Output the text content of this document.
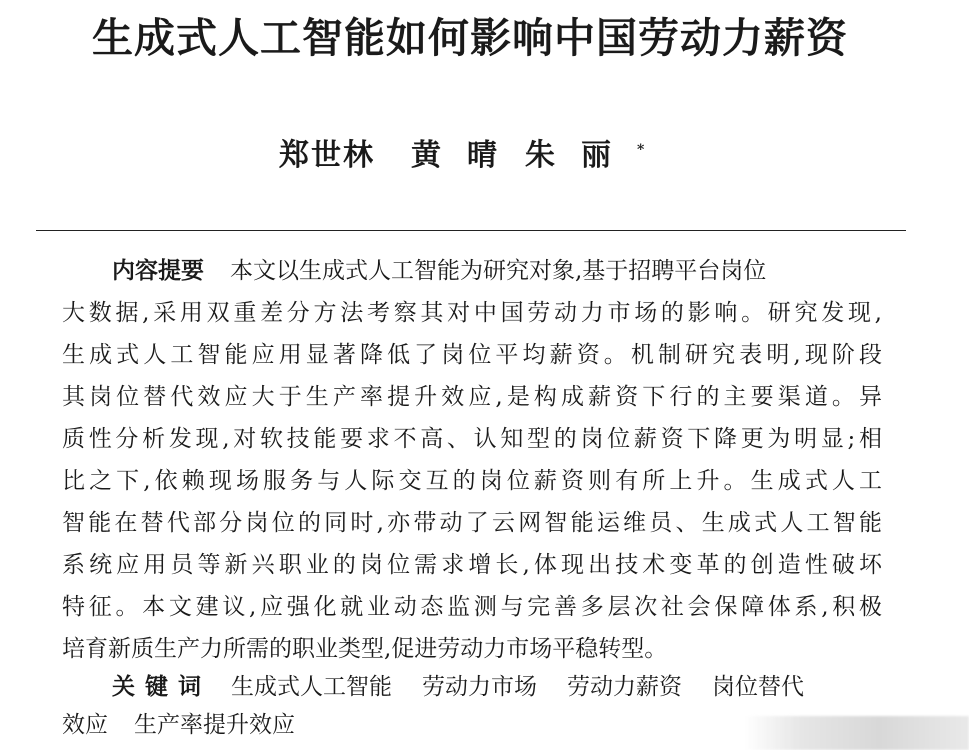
生成式人工智能如何影响中国劳动力薪资
郑世林 黄晴朱丽*
内容提要 本文以生成式人工智能为研究对象,基于招聘平台岗位
大数据,采用双重差分方法考察其对中国劳动力市场的影响。研究发现,
生成式人工智能应用显著降低了岗位平均薪资。机制研究表明,现阶段
其岗位替代效应大于生产率提升效应,是构成薪资下行的主要渠道。异
质性分析发现,对软技能要求不高、认知型的岗位薪资下降更为明显;相
比之下,依赖现场服务与人际交互的岗位薪资则有所上升。生成式人工
智能在替代部分岗位的同时,亦带动了云网智能运维员、生成式人工智能
系统应用员等新兴职业的岗位需求增长,体现出技术变革的创造性破坏
特征。本文建议,应强化就业动态监测与完善多层次社会保障体系,积极
培育新质生产力所需的职业类型,促进劳动力市场平稳转型。
关键词 生成式人工智能 劳动力市场 劳动力薪资 岗位替代
效应 生产率提升效应
